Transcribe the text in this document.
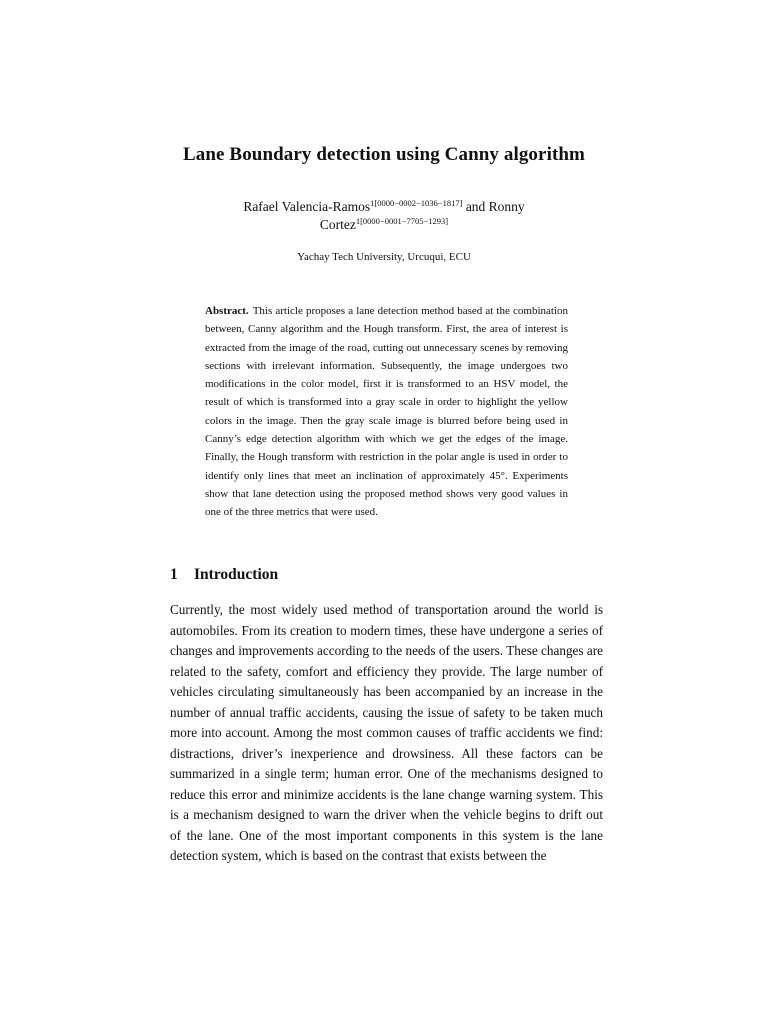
Lane Boundary detection using Canny algorithm
Rafael Valencia-Ramos$^{1[0000-0002-1036-1817]}$ and Ronny
Cortez$^{1[0000-0001-7705-1293]}$
Yachay Tech University, Urcuqui, ECU
Abstract. This article proposes a lane detection method based at the combination between, Canny algorithm and the Hough transform. First, the area of interest is extracted from the image of the road, cutting out unnecessary scenes by removing sections with irrelevant information. Subsequently, the image undergoes two modifications in the color model, first it is transformed to an HSV model, the result of which is transformed into a gray scale in order to highlight the yellow colors in the image. Then the gray scale image is blurred before being used in Canny’s edge detection algorithm with which we get the edges of the image. Finally, the Hough transform with restriction in the polar angle is used in order to identify only lines that meet an inclination of approximately 45°. Experiments show that lane detection using the proposed method shows very good values in one of the three metrics that were used.
1 Introduction
Currently, the most widely used method of transportation around the world is automobiles. From its creation to modern times, these have undergone a series of changes and improvements according to the needs of the users. These changes are related to the safety, comfort and efficiency they provide. The large number of vehicles circulating simultaneously has been accompanied by an increase in the number of annual traffic accidents, causing the issue of safety to be taken much more into account. Among the most common causes of traffic accidents we find: distractions, driver’s inexperience and drowsiness. All these factors can be summarized in a single term; human error. One of the mechanisms designed to reduce this error and minimize accidents is the lane change warning system. This is a mechanism designed to warn the driver when the vehicle begins to drift out of the lane. One of the most important components in this system is the lane detection system, which is based on the contrast that exists between the
